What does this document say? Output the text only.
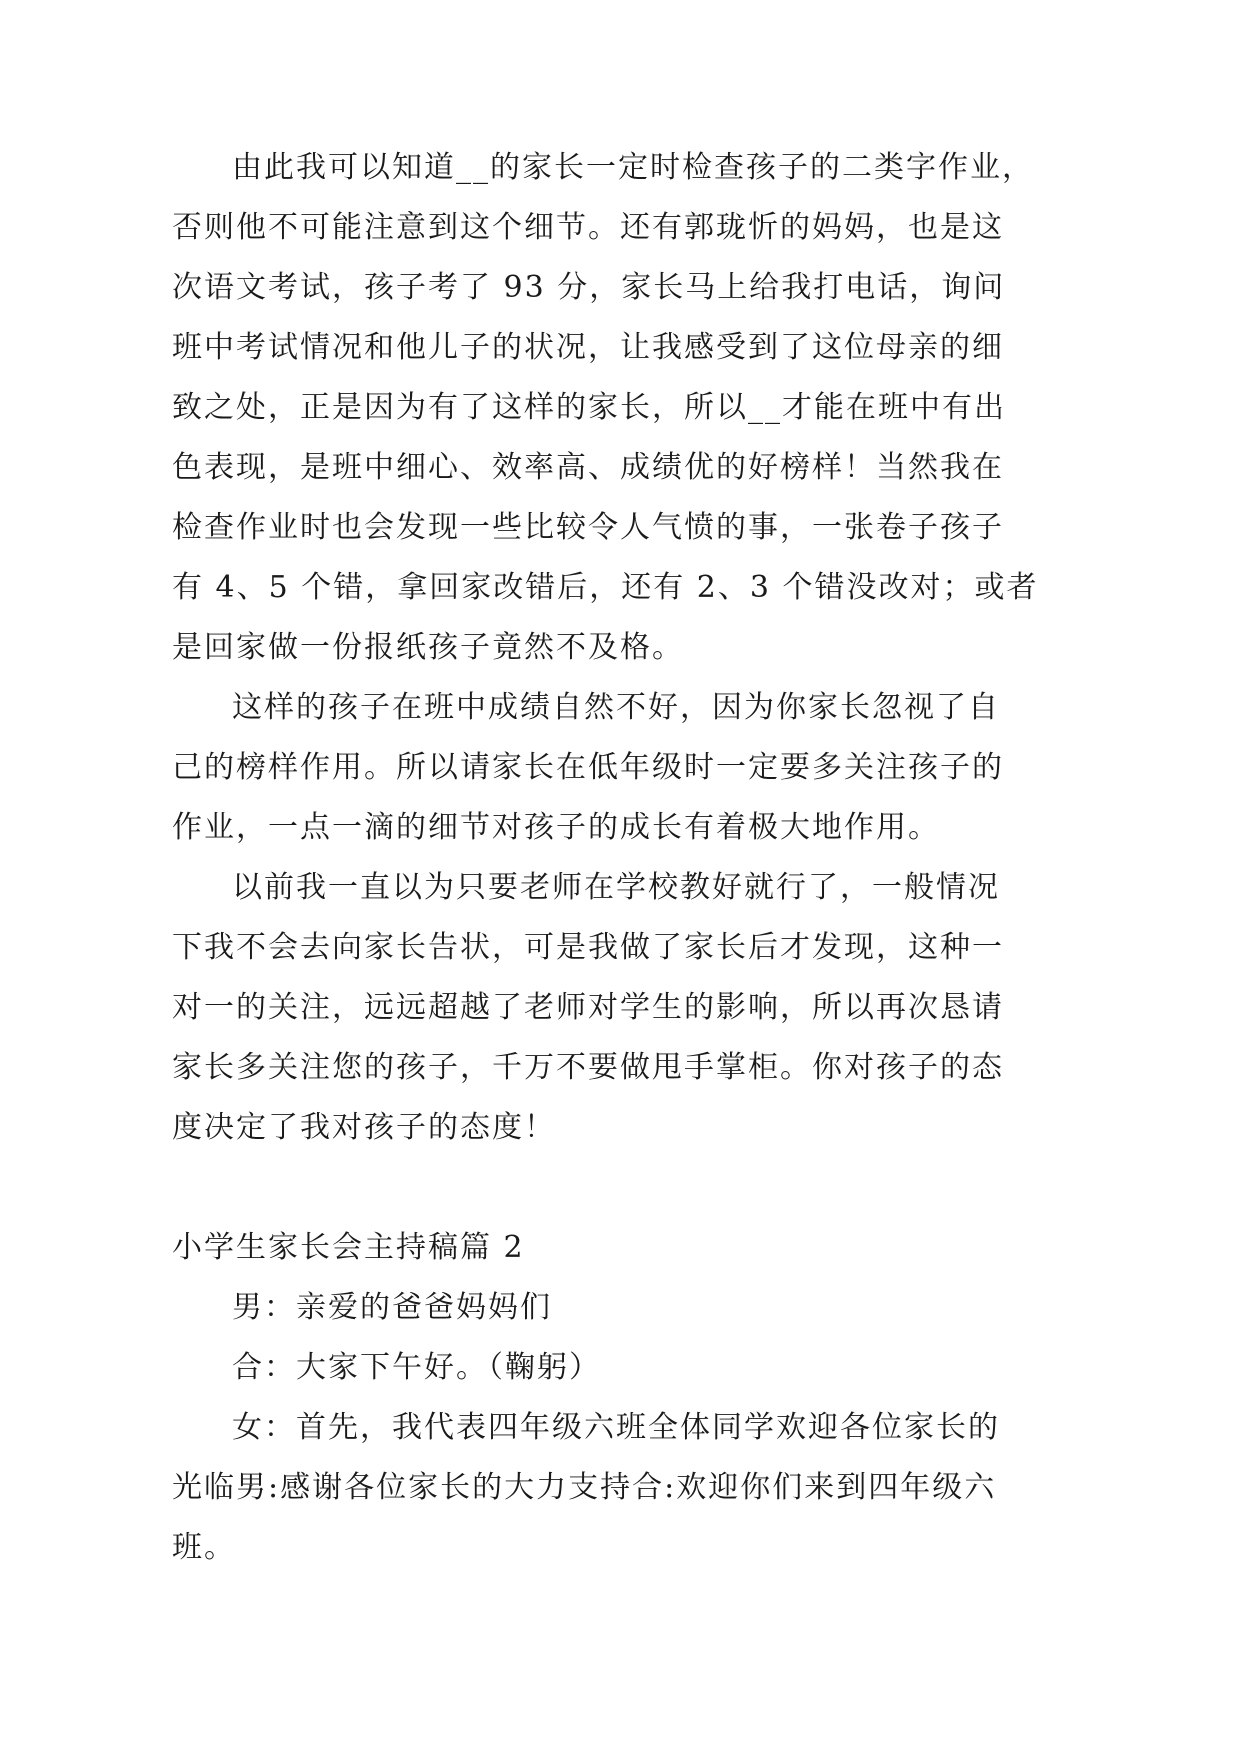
由此我可以知道__的家长一定时检查孩子的二类字作业，
否则他不可能注意到这个细节。还有郭珑忻的妈妈，也是这
次语文考试，孩子考了 93 分，家长马上给我打电话，询问
班中考试情况和他儿子的状况，让我感受到了这位母亲的细
致之处，正是因为有了这样的家长，所以__才能在班中有出
色表现，是班中细心、效率高、成绩优的好榜样！当然我在
检查作业时也会发现一些比较令人气愤的事，一张卷子孩子
有 4、5 个错，拿回家改错后，还有 2、3 个错没改对；或者
是回家做一份报纸孩子竟然不及格。
这样的孩子在班中成绩自然不好，因为你家长忽视了自
己的榜样作用。所以请家长在低年级时一定要多关注孩子的
作业，一点一滴的细节对孩子的成长有着极大地作用。
以前我一直以为只要老师在学校教好就行了，一般情况
下我不会去向家长告状，可是我做了家长后才发现，这种一
对一的关注，远远超越了老师对学生的影响，所以再次恳请
家长多关注您的孩子，千万不要做甩手掌柜。你对孩子的态
度决定了我对孩子的态度！
小学生家长会主持稿篇 2
男：亲爱的爸爸妈妈们
合：大家下午好。（鞠躬）
女：首先，我代表四年级六班全体同学欢迎各位家长的
光临男:感谢各位家长的大力支持合:欢迎你们来到四年级六
班。
